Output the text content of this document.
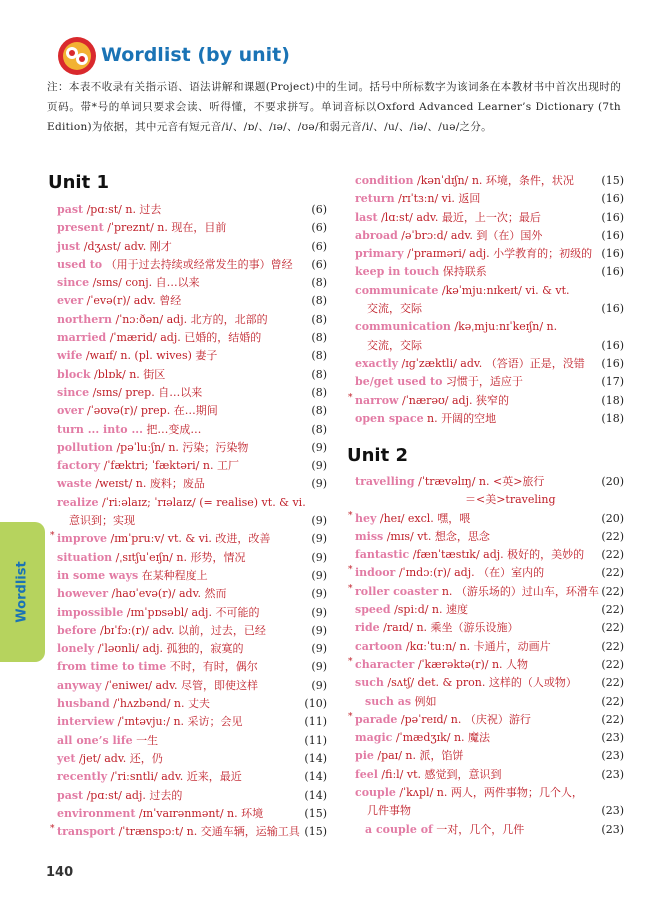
Wordlist (by unit)
注：本表不收录有关指示语、语法讲解和课题(Project)中的生词。括号中所标数字为该词条在本教材书中首次出现时的页码。带*号的单词只要求会读、听得懂，不要求拼写。单词音标以Oxford Advanced Learner’s Dictionary (7th Edition)为依据，其中元音有短元音/i/、/ɒ/、/ɪə/、/ʊə/和弱元音/i/、/u/、/iə/、/uə/之分。
Wordlist
Unit 1
past /pɑːst/ n. 过去	(6)
present /ˈpreznt/ n. 现在，目前	(6)
just /dʒʌst/ adv. 刚才	(6)
used to （用于过去持续或经常发生的事）曾经 (6)
since /sɪns/ conj. 自…以来	(8)
ever /ˈevə(r)/ adv. 曾经	(8)
northern /ˈnɔːðən/ adj. 北方的，北部的	(8)
married /ˈmærid/ adj. 已婚的，结婚的	(8)
wife /waɪf/ n. (pl. wives) 妻子	(8)
block /blɒk/ n. 街区	(8)
since /sɪns/ prep. 自…以来	(8)
over /ˈəʊvə(r)/ prep. 在…期间	(8)
turn ... into ... 把…变成…	(8)
pollution /pəˈluːʃn/ n. 污染；污染物	(9)
factory /ˈfæktri; ˈfæktəri/ n. 工厂	(9)
waste /weɪst/ n. 废料；废品	(9)
realize /ˈriːəlaɪz; ˈrɪəlaɪz/ (= realise) vt. & vi.
意识到；实现	(9)
* improve /ɪmˈpruːv/ vt. & vi. 改进，改善	(9)
situation /ˌsɪtʃuˈeɪʃn/ n. 形势，情况	(9)
in some ways 在某种程度上	(9)
however /haʊˈevə(r)/ adv. 然而	(9)
impossible /ɪmˈpɒsəbl/ adj. 不可能的	(9)
before /bɪˈfɔː(r)/ adv. 以前，过去，已经	(9)
lonely /ˈləʊnli/ adj. 孤独的，寂寞的	(9)
from time to time 不时，有时，偶尔	(9)
anyway /ˈeniweɪ/ adv. 尽管，即使这样	(9)
husband /ˈhʌzbənd/ n. 丈夫	(10)
interview /ˈɪntəvjuː/ n. 采访；会见	(11)
all one’s life 一生	(11)
yet /jet/ adv. 还，仍	(14)
recently /ˈriːsntli/ adv. 近来，最近	(14)
past /pɑːst/ adj. 过去的	(14)
environment /ɪnˈvaɪrənmənt/ n. 环境	(15)
* transport /ˈtrænspɔːt/ n. 交通车辆，运输工具 (15)
condition /kənˈdɪʃn/ n. 环境，条件，状况	(15)
return /rɪˈtɜːn/ vi. 返回	(16)
last /lɑːst/ adv. 最近，上一次；最后	(16)
abroad /əˈbrɔːd/ adv. 到（在）国外	(16)
primary /ˈpraɪməri/ adj. 小学教育的；初级的 (16)
keep in touch 保持联系	(16)
communicate /kəˈmjuːnɪkeɪt/ vi. & vt.
交流，交际	(16)
communication /kəˌmjuːnɪˈkeɪʃn/ n.
交流，交际	(16)
exactly /ɪɡˈzæktli/ adv. （答语）正是，没错 (16)
be/get used to 习惯于，适应于	(17)
* narrow /ˈnærəʊ/ adj. 狭窄的	(18)
open space n. 开阔的空地	(18)
Unit 2
travelling /ˈtrævəlɪŋ/ n. <英>旅行	(20)
＝<美>traveling
* hey /heɪ/ excl. 嘿，喂	(20)
miss /mɪs/ vt. 想念，思念	(22)
fantastic /fænˈtæstɪk/ adj. 极好的，美妙的 (22)
* indoor /ˈɪndɔː(r)/ adj. （在）室内的	(22)
* roller coaster n. （游乐场的）过山车，环滑车 (22)
speed /spiːd/ n. 速度	(22)
ride /raɪd/ n. 乘坐（游乐设施）	(22)
cartoon /kɑːˈtuːn/ n. 卡通片，动画片	(22)
* character /ˈkærəktə(r)/ n. 人物	(22)
such /sʌtʃ/ det. & pron. 这样的（人或物） (22)
such as 例如	(22)
* parade /pəˈreɪd/ n. （庆祝）游行	(22)
magic /ˈmædʒɪk/ n. 魔法	(23)
pie /paɪ/ n. 派，馅饼	(23)
feel /fiːl/ vt. 感觉到，意识到	(23)
couple /ˈkʌpl/ n. 两人，两件事物；几个人，
几件事物	(23)
a couple of 一对，几个，几件	(23)
140
